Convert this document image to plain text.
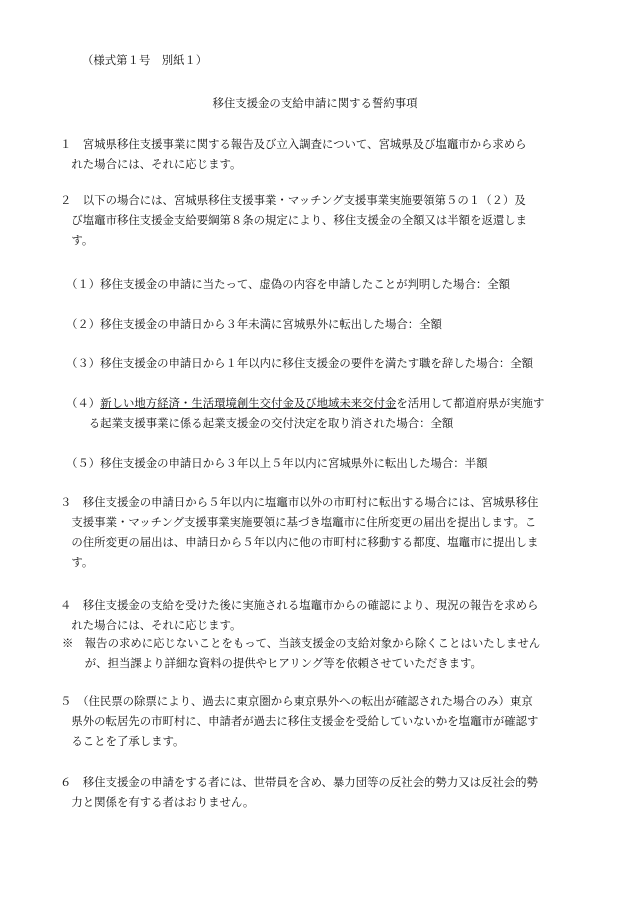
（様式第１号　別紙１）
移住支援金の支給申請に関する誓約事項
１　宮城県移住支援事業に関する報告及び立入調査について、宮城県及び塩竈市から求めら
　れた場合には、それに応じます。
２　以下の場合には、宮城県移住支援事業・マッチング支援事業実施要領第５の１（２）及
　び塩竈市移住支援金支給要綱第８条の規定により、移住支援金の全額又は半額を返還しま
　す。
（１）移住支援金の申請に当たって、虚偽の内容を申請したことが判明した場合：全額
（２）移住支援金の申請日から３年未満に宮城県外に転出した場合：全額
（３）移住支援金の申請日から１年以内に移住支援金の要件を満たす職を辞した場合：全額
（４）新しい地方経済・生活環境創生交付金及び地域未来交付金を活用して都道府県が実施す
　　る起業支援事業に係る起業支援金の交付決定を取り消された場合：全額
（５）移住支援金の申請日から３年以上５年以内に宮城県外に転出した場合：半額
３　移住支援金の申請日から５年以内に塩竈市以外の市町村に転出する場合には、宮城県移住
　支援事業・マッチング支援事業実施要領に基づき塩竈市に住所変更の届出を提出します。こ
　の住所変更の届出は、申請日から５年以内に他の市町村に移動する都度、塩竈市に提出しま
　す。
４　移住支援金の支給を受けた後に実施される塩竈市からの確認により、現況の報告を求めら
　れた場合には、それに応じます。
※　報告の求めに応じないことをもって、当該支援金の支給対象から除くことはいたしません
　　が、担当課より詳細な資料の提供やヒアリング等を依頼させていただきます。
５　（住民票の除票により、過去に東京圏から東京県外への転出が確認された場合のみ）東京
　県外の転居先の市町村に、申請者が過去に移住支援金を受給していないかを塩竈市が確認す
　ることを了承します。
６　移住支援金の申請をする者には、世帯員を含め、暴力団等の反社会的勢力又は反社会的勢
　力と関係を有する者はおりません。
